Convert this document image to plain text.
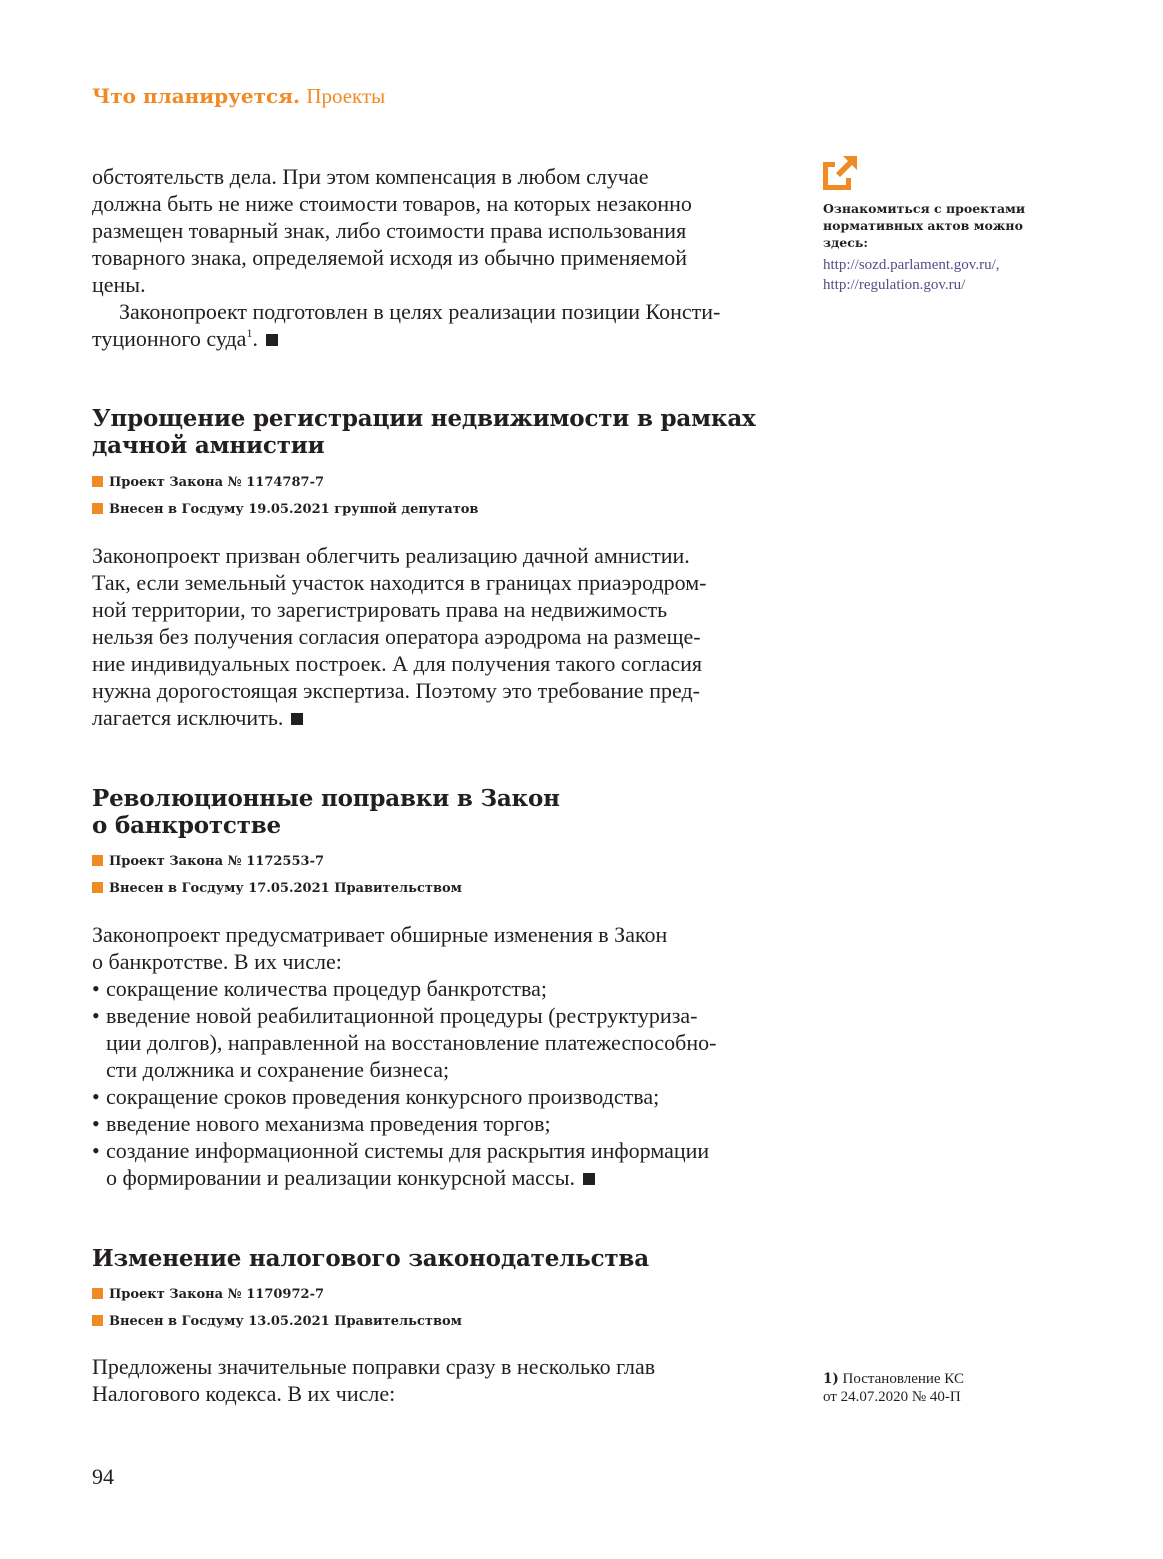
Что планируется. Проекты

обстоятельств дела. При этом компенсация в любом случае

должна быть не ниже стоимости товаров, на которых незаконно

размещен товарный знак, либо стоимости права использования

товарного знака, определяемой исходя из обычно применяемой

цены.

Законопроект подготовлен в целях реализации позиции Консти-

туционного суда$^1$.

Упрощение регистрации недвижимости в рамках

дачной амнистии

Проект Закона № 1174787-7
Внесен в Госдуму 19.05.2021 группой депутатов

Законопроект призван облегчить реализацию дачной амнистии.

Так, если земельный участок находится в границах приаэродром-

ной территории, то зарегистрировать права на недвижимость

нельзя без получения согласия оператора аэродрома на размеще-

ние индивидуальных построек. А для получения такого согласия

нужна дорогостоящая экспертиза. Поэтому это требование пред-

лагается исключить.

Революционные поправки в Закон

о банкротстве

Проект Закона № 1172553-7
Внесен в Госдуму 17.05.2021 Правительством

Законопроект предусматривает обширные изменения в Закон

о банкротстве. В их числе:

• сокращение количества процедур банкротства;
• введение новой реабилитационной процедуры (реструктуриза-
ции долгов), направленной на восстановление платежеспособно-
сти должника и сохранение бизнеса;
• сокращение сроков проведения конкурсного производства;
• введение нового механизма проведения торгов;
• создание информационной системы для раскрытия информации
о формировании и реализации конкурсной массы.

Изменение налогового законодательства

Проект Закона № 1170972-7
Внесен в Госдуму 13.05.2021 Правительством

Предложены значительные поправки сразу в несколько глав

Налогового кодекса. В их числе:

Ознакомиться с проектами нормативных актов можно здесь:
http://sozd.parlament.gov.ru/,
http://regulation.gov.ru/
1) Постановление КС
от 24.07.2020 № 40-П
94
